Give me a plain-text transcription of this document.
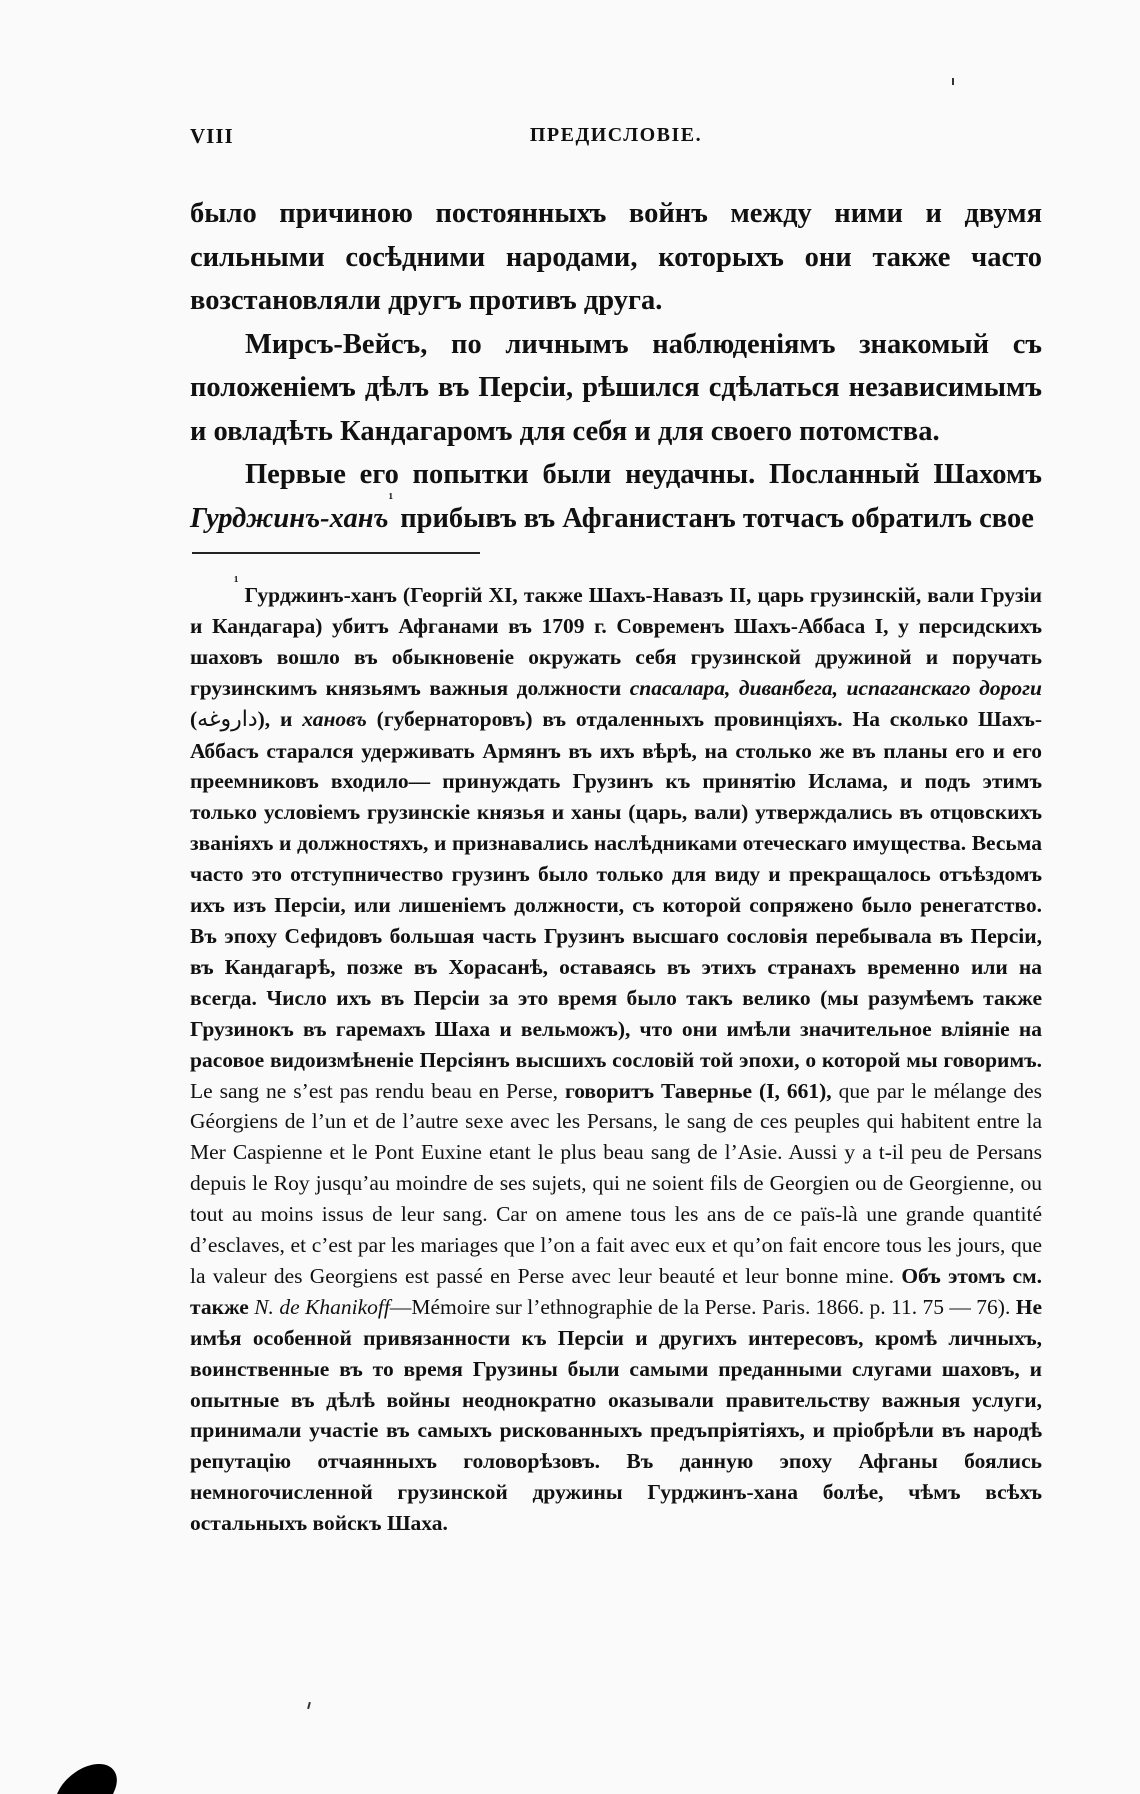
VIII	ПРЕДИСЛОВІЕ.

было причиною постоянныхъ войнъ между ними и двумя сильными сосѣдними народами, которыхъ они также часто возстановляли другъ противъ друга.

Мирсъ-Вейсъ, по личнымъ наблюденіямъ знакомый съ положеніемъ дѣлъ въ Персіи, рѣшился сдѣлаться независимымъ и овладѣть Кандагаромъ для себя и для своего потомства.

Первые его попытки были неудачны. Посланный Шахомъ Гурджинъ-ханъ$^{^1}$ прибывъ въ Афганистанъ тотчасъ обратилъ свое

$^{^1}$ Гурджинъ-ханъ (Георгій XI, также Шахъ-Навазъ II, царь грузинскій, вали Грузіи и Кандагара) убитъ Афганами въ 1709 г. Современъ Шахъ-Аббаса I, у персидскихъ шаховъ вошло въ обыкновеніе окружать себя грузинской дружиной и поручать грузинскимъ князьямъ важныя должности спасалара, диванбега, испаганскаго дороги (داروغه), и хановъ (губернаторовъ) въ отдаленныхъ провинціяхъ. На сколько Шахъ-Аббасъ старался удерживать Армянъ въ ихъ вѣрѣ, на столько же въ планы его и его преемниковъ входило— принуждать Грузинъ къ принятію Ислама, и подъ этимъ только условіемъ грузинскіе князья и ханы (царь, вали) утверждались въ отцовскихъ званіяхъ и должностяхъ, и признавались наслѣдниками отеческаго имущества. Весьма часто это отступничество грузинъ было только для виду и прекращалось отъѣздомъ ихъ изъ Персіи, или лишеніемъ должности, съ которой сопряжено было ренегатство. Въ эпоху Сефидовъ большая часть Грузинъ высшаго сословія перебывала въ Персіи, въ Кандагарѣ, позже въ Хорасанѣ, оставаясь въ этихъ странахъ временно или на всегда. Число ихъ въ Персіи за это время было такъ велико (мы разумѣемъ также Грузинокъ въ гаремахъ Шаха и вельможъ), что они имѣли значительное вліяніе на расовое видоизмѣненіе Персіянъ высшихъ сословій той эпохи, о которой мы говоримъ. Le sang ne s’est pas rendu beau en Perse, говоритъ Тавернье (I, 661), que par le mélange des Géorgiens de l’un et de l’autre sexe avec les Persans, le sang de ces peuples qui habitent entre la Mer Caspienne et le Pont Euxine etant le plus beau sang de l’Asie. Aussi y a t-il peu de Persans depuis le Roy jusqu’au moindre de ses sujets, qui ne soient fils de Georgien ou de Georgienne, ou tout au moins issus de leur sang. Car on amene tous les ans de ce païs-là une grande quantité d’esclaves, et c’est par les mariages que l’on a fait avec eux et qu’on fait encore tous les jours, que la valeur des Georgiens est passé en Perse avec leur beauté et leur bonne mine. Объ этомъ см. также N. de Khanikoff—Mémoire sur l’ethnographie de la Perse. Paris. 1866. p. 11. 75 — 76). Не имѣя особенной привязанности къ Персіи и другихъ интересовъ, кромѣ личныхъ, воинственные въ то время Грузины были самыми преданными слугами шаховъ, и опытные въ дѣлѣ войны неоднократно оказывали правительству важныя услуги, принимали участіе въ самыхъ рискованныхъ предъпріятіяхъ, и пріобрѣли въ народѣ репутацію отчаянныхъ головорѣзовъ. Въ данную эпоху Афганы боялись немногочисленной грузинской дружины Гурджинъ-хана болѣе, чѣмъ всѣхъ остальныхъ войскъ Шаха.
